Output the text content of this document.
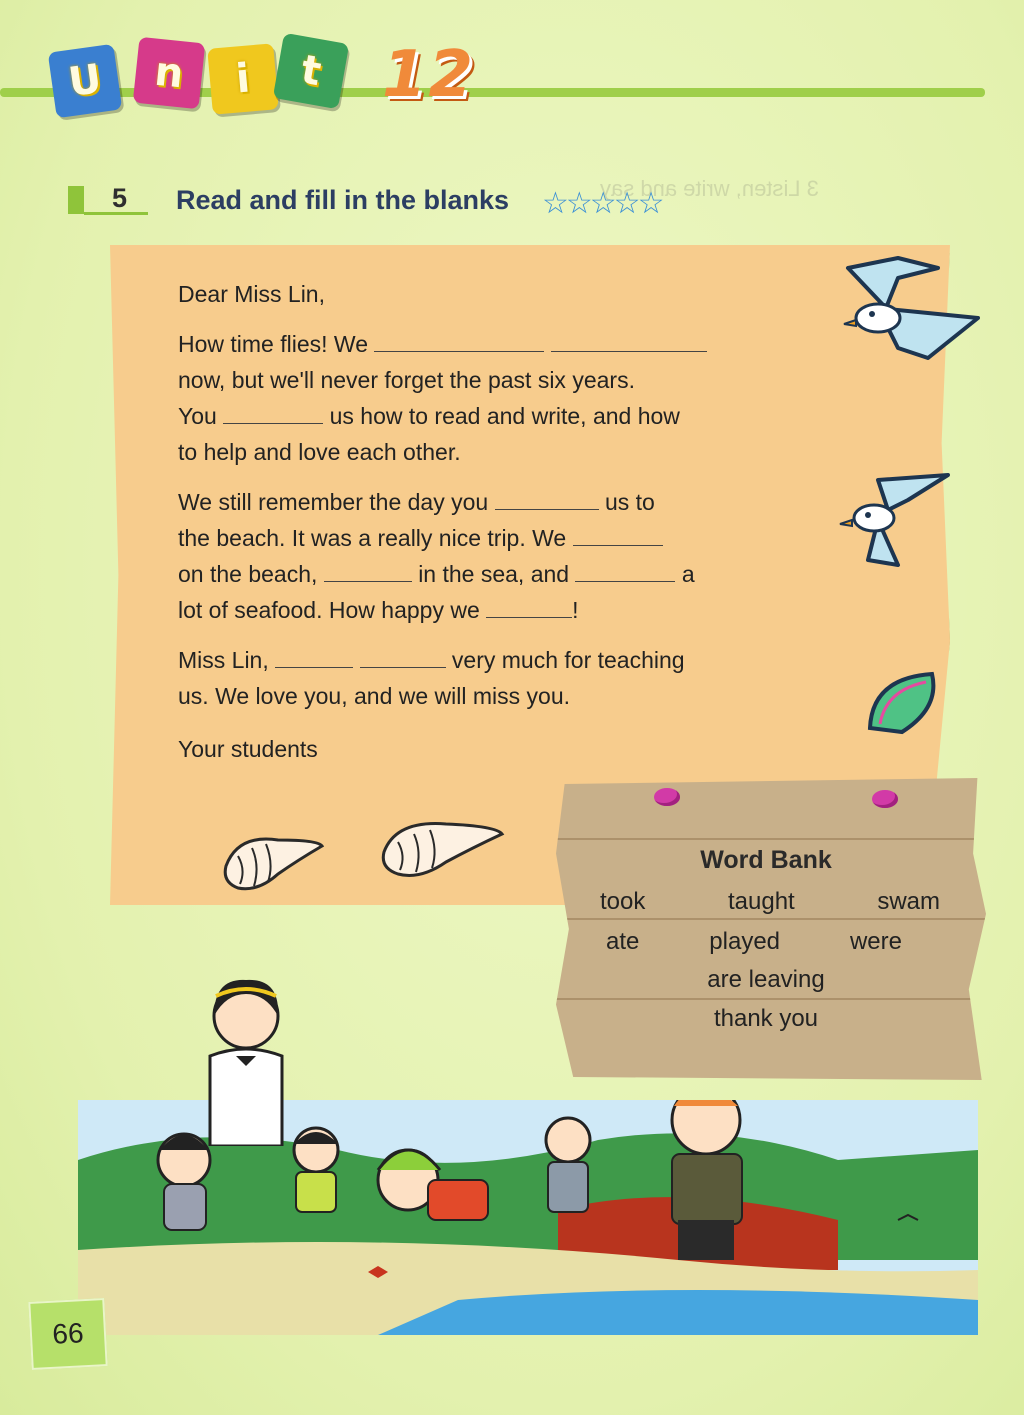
3 Listen, write and say
U n i t 12
5 Read and fill in the blanks ☆☆☆☆☆

Dear Miss Lin,

How time flies! We
now, but we'll never forget the past six years.
You	us how to read and write, and how
to help and love each other.

We still remember the day you	us to
the beach. It was a really nice trip. We
on the beach,	in the sea, and	a
lot of seafood. How happy we	!

Miss Lin,	very much for teaching
us. We love you, and we will miss you.

Your students
Word Bank
took	taught	swam
ate	played	were
are leaving
thank you
66
